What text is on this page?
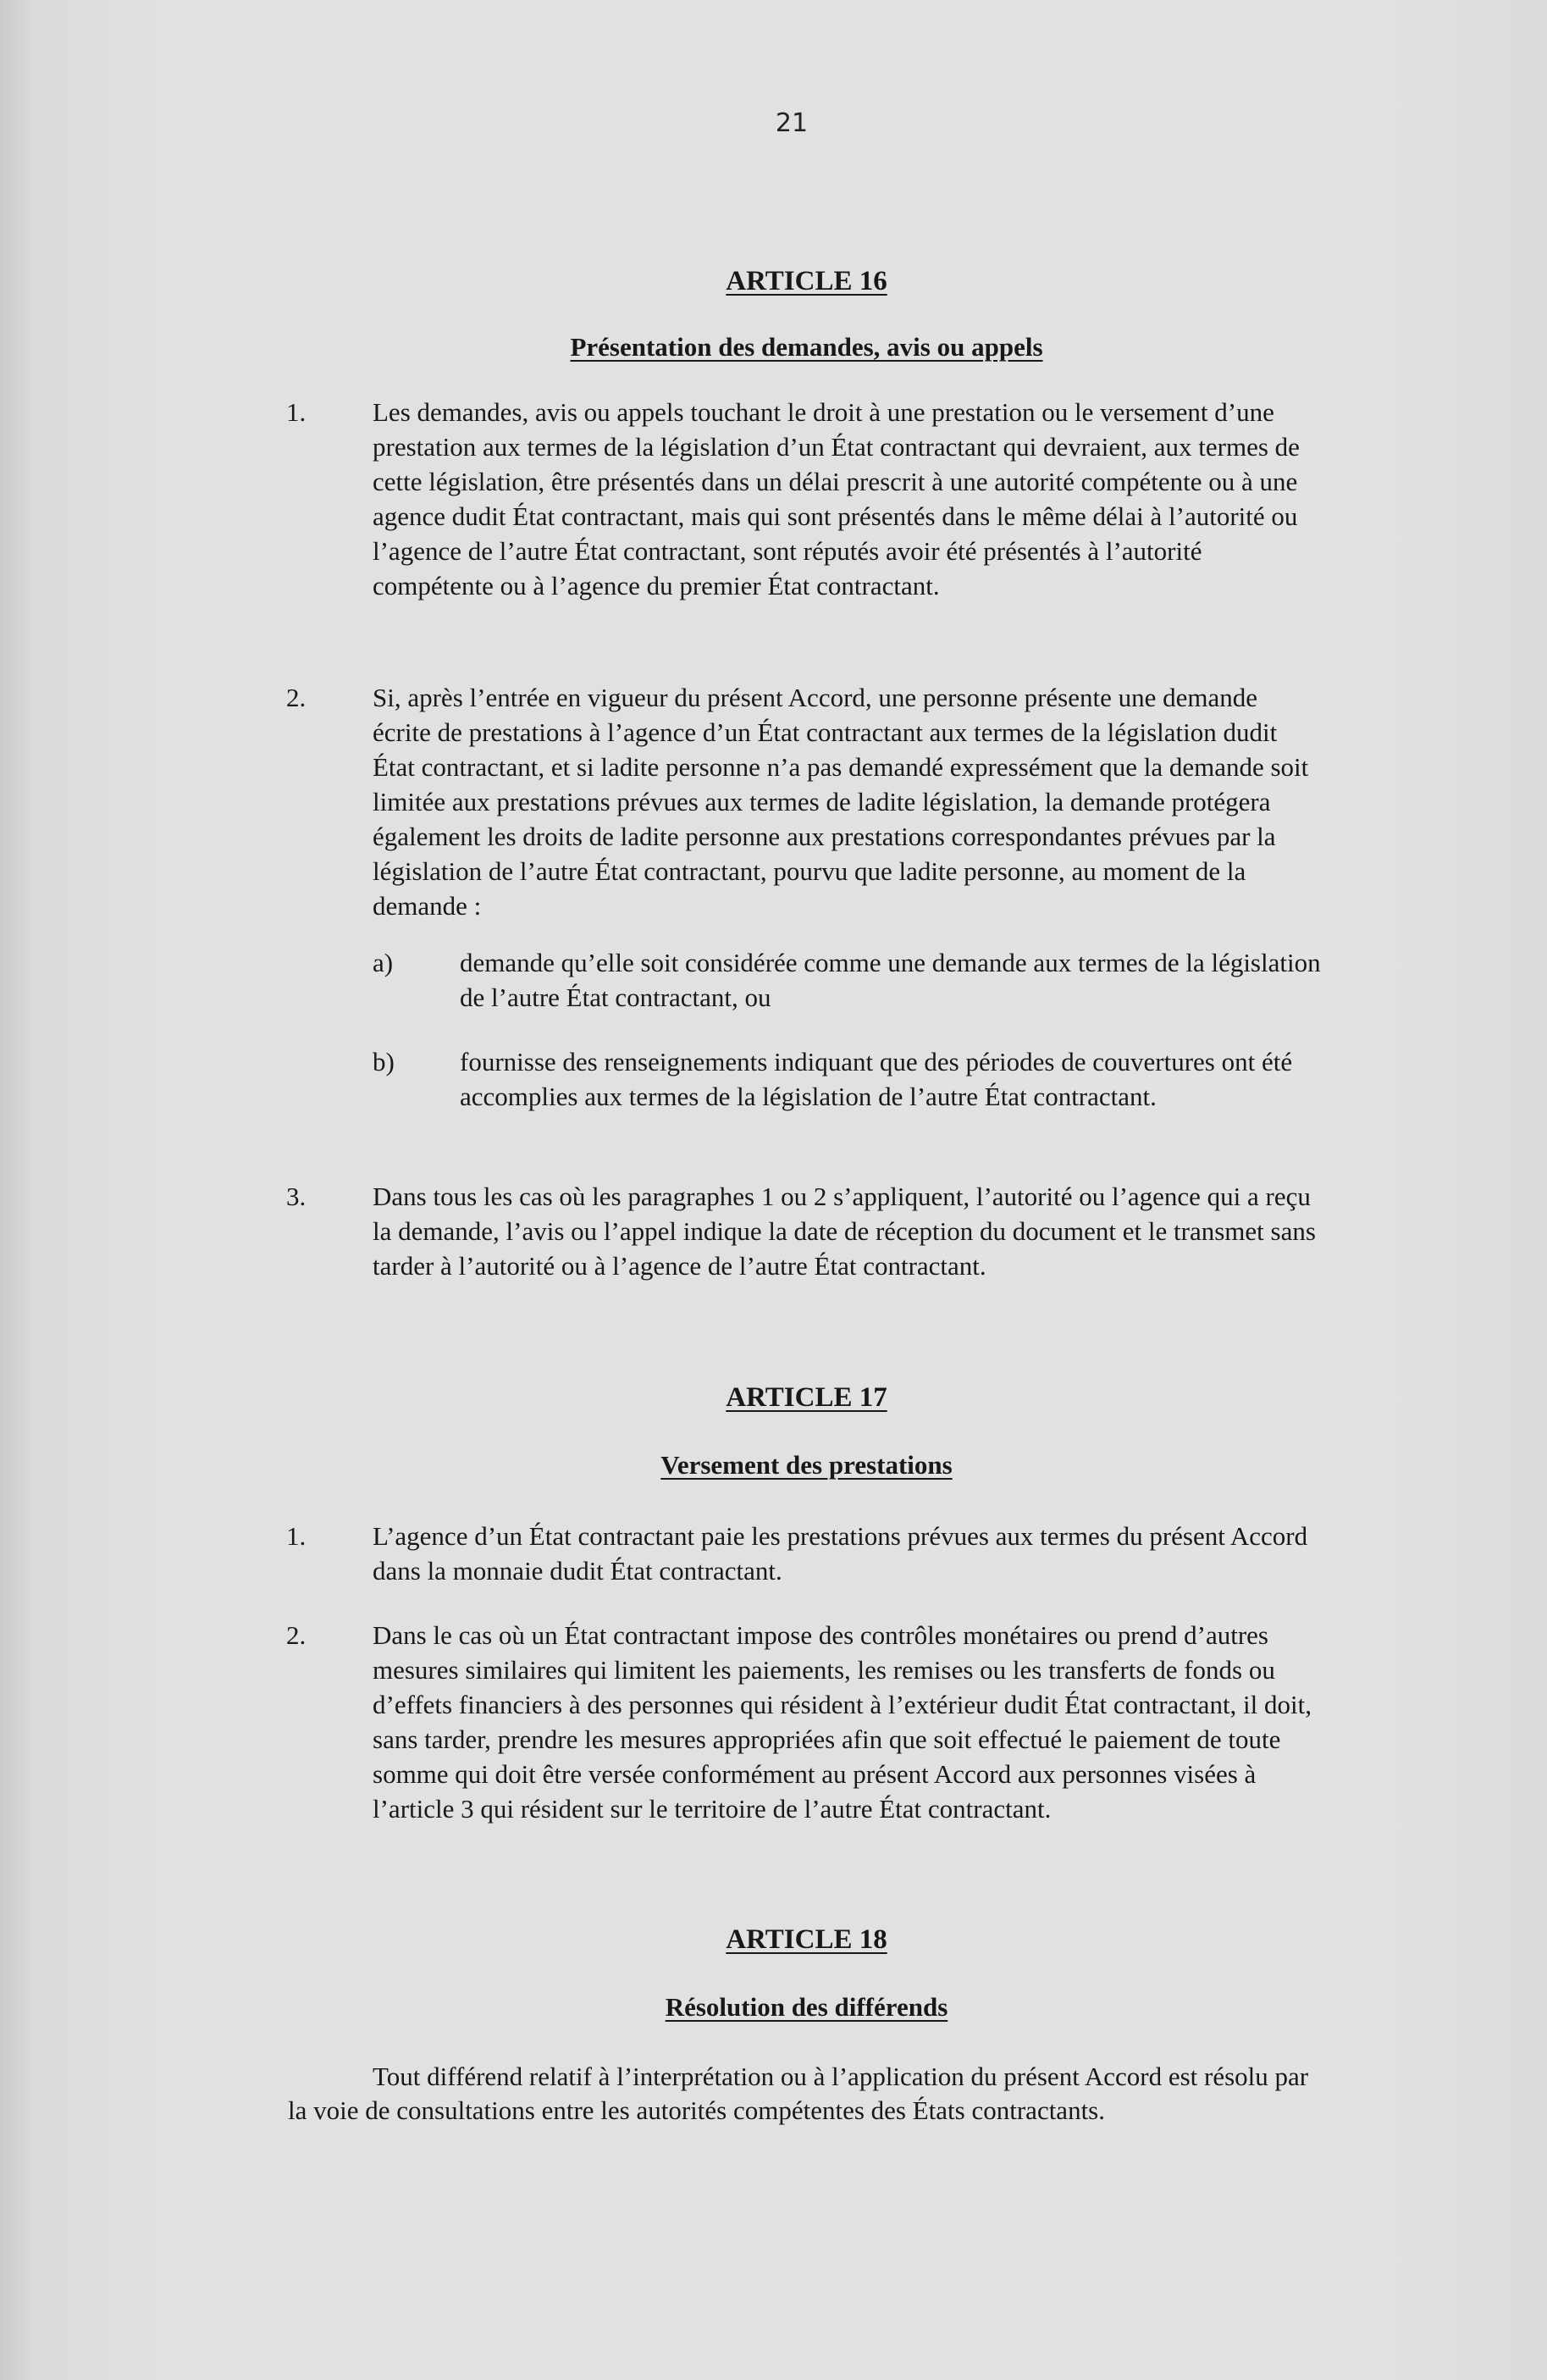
21
ARTICLE 16
Présentation des demandes, avis ou appels
1.	Les demandes, avis ou appels touchant le droit à une prestation ou le versement d’une prestation aux termes de la législation d’un État contractant qui devraient, aux termes de cette législation, être présentés dans un délai prescrit à une autorité compétente ou à une agence dudit État contractant, mais qui sont présentés dans le même délai à l’autorité ou l’agence de l’autre État contractant, sont réputés avoir été présentés à l’autorité compétente ou à l’agence du premier État contractant.
2.	Si, après l’entrée en vigueur du présent Accord, une personne présente une demande écrite de prestations à l’agence d’un État contractant aux termes de la législation dudit État contractant, et si ladite personne n’a pas demandé expressément que la demande soit limitée aux prestations prévues aux termes de ladite législation, la demande protégera également les droits de ladite personne aux prestations correspondantes prévues par la législation de l’autre État contractant, pourvu que ladite personne, au moment de la demande :
a)	demande qu’elle soit considérée comme une demande aux termes de la législation de l’autre État contractant, ou
b) fournisse des renseignements indiquant que des périodes de couvertures ont été accomplies aux termes de la législation de l’autre État contractant.
3.	Dans tous les cas où les paragraphes 1 ou 2 s’appliquent, l’autorité ou l’agence qui a reçu la demande, l’avis ou l’appel indique la date de réception du document et le transmet sans tarder à l’autorité ou à l’agence de l’autre État contractant.
ARTICLE 17
Versement des prestations
1.	L’agence d’un État contractant paie les prestations prévues aux termes du présent Accord dans la monnaie dudit État contractant.
2.	Dans le cas où un État contractant impose des contrôles monétaires ou prend d’autres mesures similaires qui limitent les paiements, les remises ou les transferts de fonds ou d’effets financiers à des personnes qui résident à l’extérieur dudit État contractant, il doit, sans tarder, prendre les mesures appropriées afin que soit effectué le paiement de toute somme qui doit être versée conformément au présent Accord aux personnes visées à l’article 3 qui résident sur le territoire de l’autre État contractant.
ARTICLE 18
Résolution des différends
Tout différend relatif à l’interprétation ou à l’application du présent Accord est résolu par la voie de consultations entre les autorités compétentes des États contractants.
